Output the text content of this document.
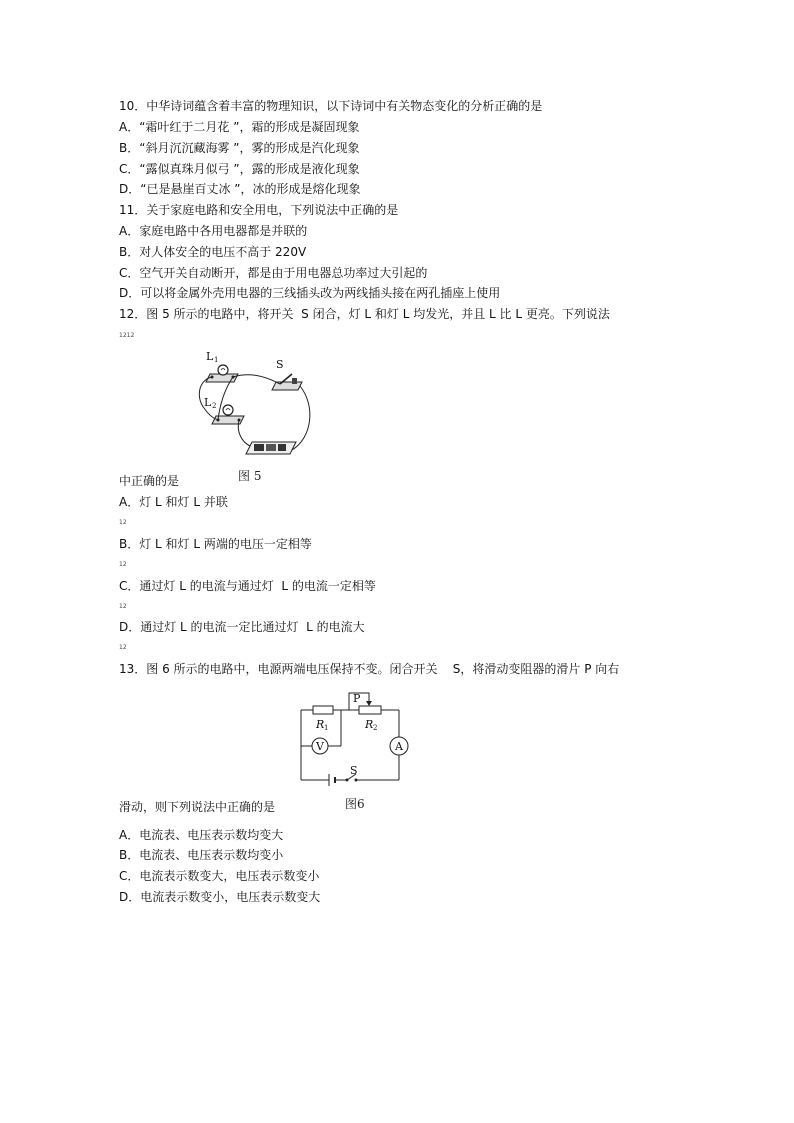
10．中华诗词蕴含着丰富的物理知识，以下诗词中有关物态变化的分析正确的是
A．“霜叶红于二月花 ”，霜的形成是凝固现象
B．“斜月沉沉藏海雾 ”，雾的形成是汽化现象
C．“露似真珠月似弓 ”，露的形成是液化现象
D．“已是悬崖百丈冰 ”，冰的形成是熔化现象
11．关于家庭电路和安全用电，下列说法中正确的是
A．家庭电路中各用电器都是并联的
B．对人体安全的电压不高于 220V
C．空气开关自动断开，都是由于用电器总功率过大引起的
D．可以将金属外壳用电器的三线插头改为两线插头接在两孔插座上使用
12．图 5 所示的电路中，将开关  S 闭合，灯 L 和灯 L 均发光，并且 L 比 L 更亮。下列说法
1212
L 1
L 2
S
图 5
中正确的是
A．灯 L 和灯 L 并联
12
B．灯 L 和灯 L 两端的电压一定相等
12
C．通过灯 L 的电流与通过灯  L 的电流一定相等
12
D．通过灯 L 的电流一定比通过灯  L 的电流大
12
13．图 6 所示的电路中，电源两端电压保持不变。闭合开关    S，将滑动变阻器的滑片 P 向右
R 1
P
R 2
V	A
S
图6
滑动，则下列说法中正确的是
A．电流表、电压表示数均变大
B．电流表、电压表示数均变小
C．电流表示数变大，电压表示数变小
D．电流表示数变小，电压表示数变大
